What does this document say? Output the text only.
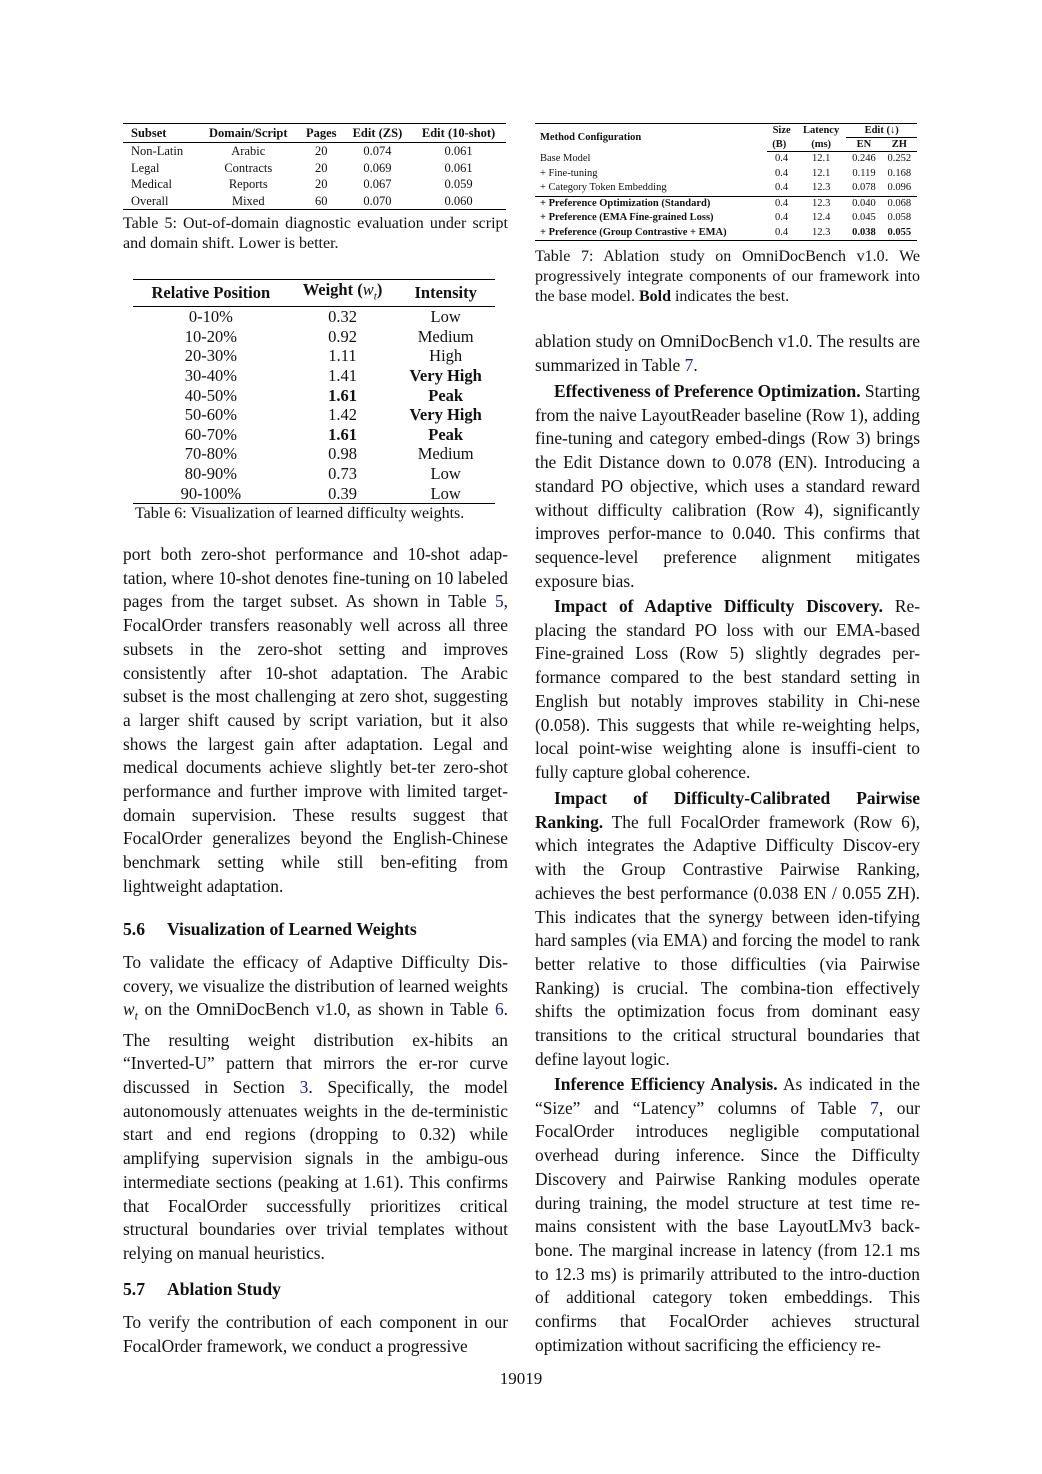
Subset	Domain/Script	Pages	Edit (ZS)	Edit (10-shot)
Non-Latin	Arabic	20	0.074	0.061
Legal	Contracts	20	0.069	0.061
Medical	Reports	20	0.067	0.059
Overall	Mixed	60	0.070	0.060
Table 5: Out-of-domain diagnostic evaluation under script and domain shift. Lower is better.
Relative Position	Weight $(w_t)$	Intensity
0-10%	0.32	Low
10-20%	0.92	Medium
20-30%	1.11	High
30-40%	1.41	Very High
40-50%	1.61	Peak
50-60%	1.42	Very High
60-70%	1.61	Peak
70-80%	0.98	Medium
80-90%	0.73	Low
90-100%	0.39	Low
Table 6: Visualization of learned difficulty weights.
port both zero-shot performance and 10-shot adap-tation, where 10-shot denotes fine-tuning on 10 labeled pages from the target subset. As shown in Table 5, FocalOrder transfers reasonably well across all three subsets in the zero-shot setting and improves consistently after 10-shot adaptation. The Arabic subset is the most challenging at zero shot, suggesting a larger shift caused by script variation, but it also shows the largest gain after adaptation. Legal and medical documents achieve slightly bet-ter zero-shot performance and further improve with limited target-domain supervision. These results suggest that FocalOrder generalizes beyond the English-Chinese benchmark setting while still ben-efiting from lightweight adaptation.
5.6 Visualization of Learned Weights
To validate the efficacy of Adaptive Difficulty Dis-covery, we visualize the distribution of learned weights $w_t$ on the OmniDocBench v1.0, as shown in Table 6. The resulting weight distribution ex-hibits an “Inverted-U” pattern that mirrors the er-ror curve discussed in Section 3. Specifically, the model autonomously attenuates weights in the de-terministic start and end regions (dropping to 0.32) while amplifying supervision signals in the ambigu-ous intermediate sections (peaking at 1.61). This confirms that FocalOrder successfully prioritizes critical structural boundaries over trivial templates without relying on manual heuristics.
5.7 Ablation Study
To verify the contribution of each component in our FocalOrder framework, we conduct a progressive
Method Configuration	Size	Latency	Edit (↓)	
	(B)	(ms)	EN	ZH
Base Model	0.4	12.1	0.246	0.252
+ Fine-tuning	0.4	12.1	0.119	0.168
+ Category Token Embedding	0.4	12.3	0.078	0.096
+ Preference Optimization (Standard)	0.4	12.3	0.040	0.068
+ Preference (EMA Fine-grained Loss)	0.4	12.4	0.045	0.058
+ Preference (Group Contrastive + EMA)	0.4	12.3	0.038	0.055
Table 7: Ablation study on OmniDocBench v1.0. We progressively integrate components of our framework into the base model. Bold indicates the best.
ablation study on OmniDocBench v1.0. The results are summarized in Table 7.
Effectiveness of Preference Optimization. Starting from the naive LayoutReader baseline (Row 1), adding fine-tuning and category embed-dings (Row 3) brings the Edit Distance down to 0.078 (EN). Introducing a standard PO objective, which uses a standard reward without difficulty calibration (Row 4), significantly improves perfor-mance to 0.040. This confirms that sequence-level preference alignment mitigates exposure bias.
Impact of Adaptive Difficulty Discovery. Re-placing the standard PO loss with our EMA-based Fine-grained Loss (Row 5) slightly degrades per-formance compared to the best standard setting in English but notably improves stability in Chi-nese (0.058). This suggests that while re-weighting helps, local point-wise weighting alone is insuffi-cient to fully capture global coherence.
Impact of Difficulty-Calibrated Pairwise Ranking. The full FocalOrder framework (Row 6), which integrates the Adaptive Difficulty Discov-ery with the Group Contrastive Pairwise Ranking, achieves the best performance (0.038 EN / 0.055 ZH). This indicates that the synergy between iden-tifying hard samples (via EMA) and forcing the model to rank better relative to those difficulties (via Pairwise Ranking) is crucial. The combina-tion effectively shifts the optimization focus from dominant easy transitions to the critical structural boundaries that define layout logic.
Inference Efficiency Analysis. As indicated in the “Size” and “Latency” columns of Table 7, our FocalOrder introduces negligible computational overhead during inference. Since the Difficulty Discovery and Pairwise Ranking modules operate during training, the model structure at test time re-mains consistent with the base LayoutLMv3 back-bone. The marginal increase in latency (from 12.1 ms to 12.3 ms) is primarily attributed to the intro-duction of additional category token embeddings. This confirms that FocalOrder achieves structural optimization without sacrificing the efficiency re-
19019
